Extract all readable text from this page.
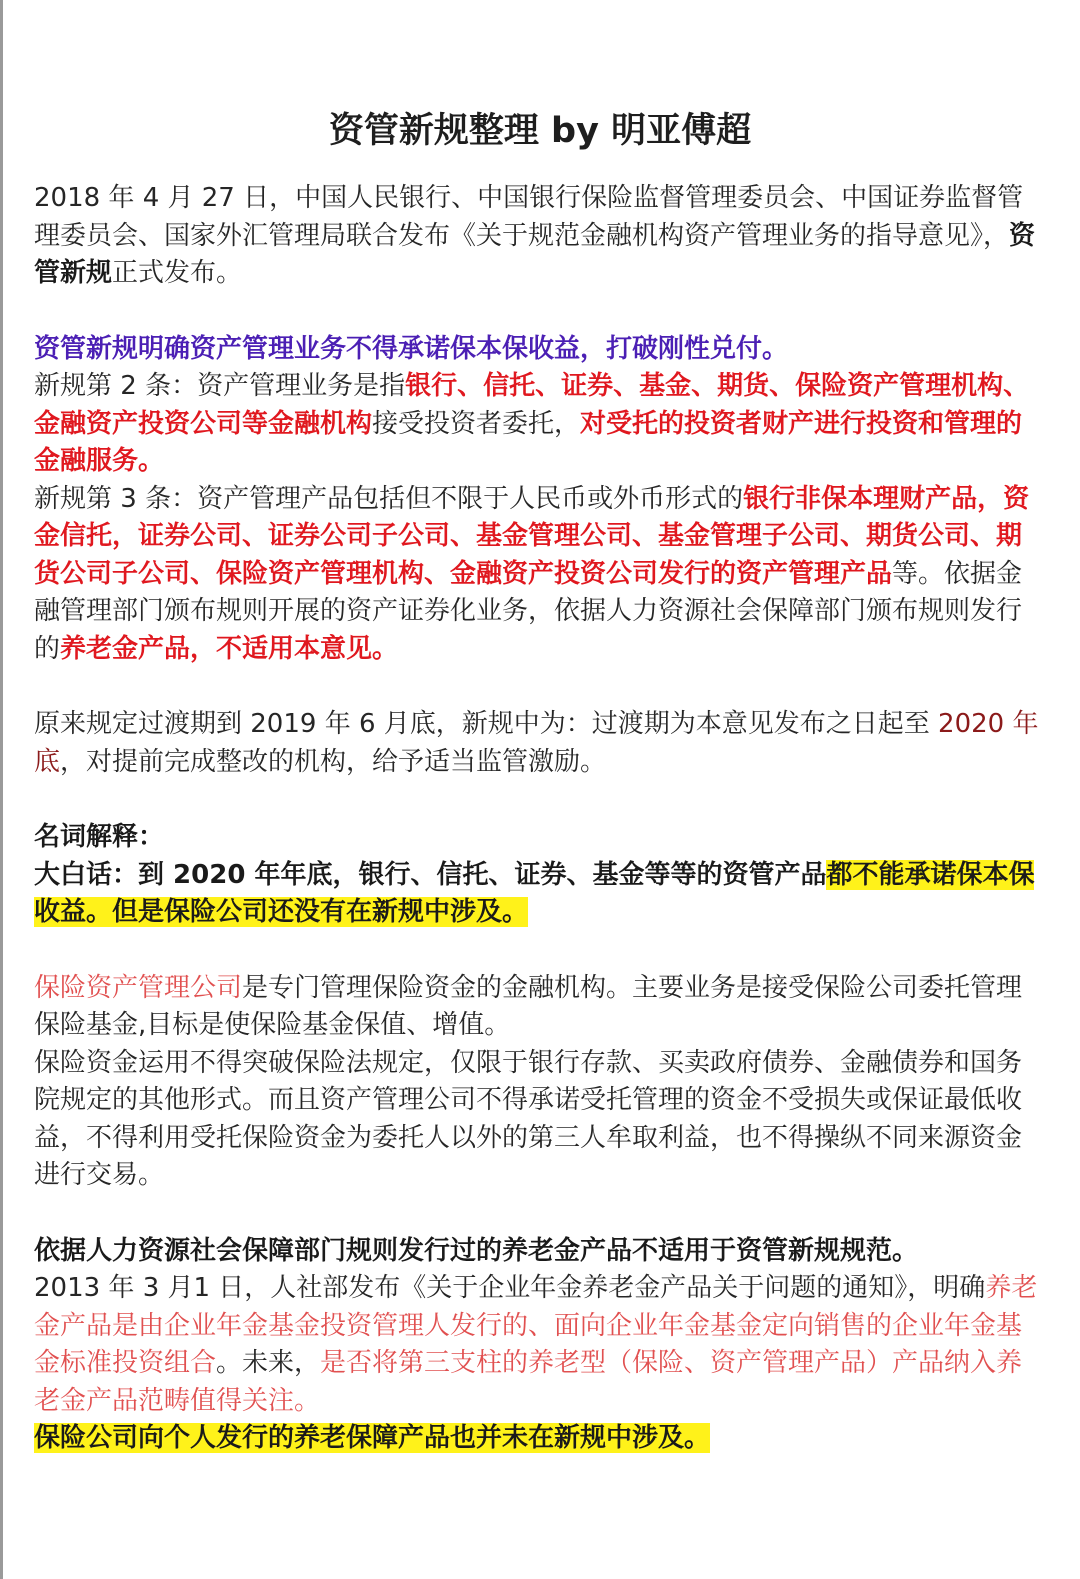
资管新规整理 by 明亚傅超

2018 年 4 月 27 日，中国人民银行、中国银行保险监督管理委员会、中国证券监督管理委员会、国家外汇管理局联合发布《关于规范金融机构资产管理业务的指导意见》，资管新规正式发布。

资管新规明确资产管理业务不得承诺保本保收益，打破刚性兑付。

新规第 2 条：资产管理业务是指银行、信托、证券、基金、期货、保险资产管理机构、金融资产投资公司等金融机构接受投资者委托，对受托的投资者财产进行投资和管理的金融服务。

新规第 3 条：资产管理产品包括但不限于人民币或外币形式的银行非保本理财产品，资金信托，证券公司、证券公司子公司、基金管理公司、基金管理子公司、期货公司、期货公司子公司、保险资产管理机构、金融资产投资公司发行的资产管理产品等。依据金融管理部门颁布规则开展的资产证券化业务，依据人力资源社会保障部门颁布规则发行的养老金产品，不适用本意见。

原来规定过渡期到 2019 年 6 月底，新规中为：过渡期为本意见发布之日起至 2020 年底，对提前完成整改的机构，给予适当监管激励。

名词解释：

大白话：到 2020 年年底，银行、信托、证券、基金等等的资管产品都不能承诺保本保收益。但是保险公司还没有在新规中涉及。

保险资产管理公司是专门管理保险资金的金融机构。主要业务是接受保险公司委托管理保险基金,目标是使保险基金保值、增值。

保险资金运用不得突破保险法规定，仅限于银行存款、买卖政府债券、金融债券和国务院规定的其他形式。而且资产管理公司不得承诺受托管理的资金不受损失或保证最低收益，不得利用受托保险资金为委托人以外的第三人牟取利益，也不得操纵不同来源资金进行交易。

依据人力资源社会保障部门规则发行过的养老金产品不适用于资管新规规范。

2013 年 3 月1 日，人社部发布《关于企业年金养老金产品关于问题的通知》，明确养老金产品是由企业年金基金投资管理人发行的、面向企业年金基金定向销售的企业年金基金标准投资组合。未来，是否将第三支柱的养老型（保险、资产管理产品）产品纳入养老金产品范畴值得关注。

保险公司向个人发行的养老保障产品也并未在新规中涉及。
